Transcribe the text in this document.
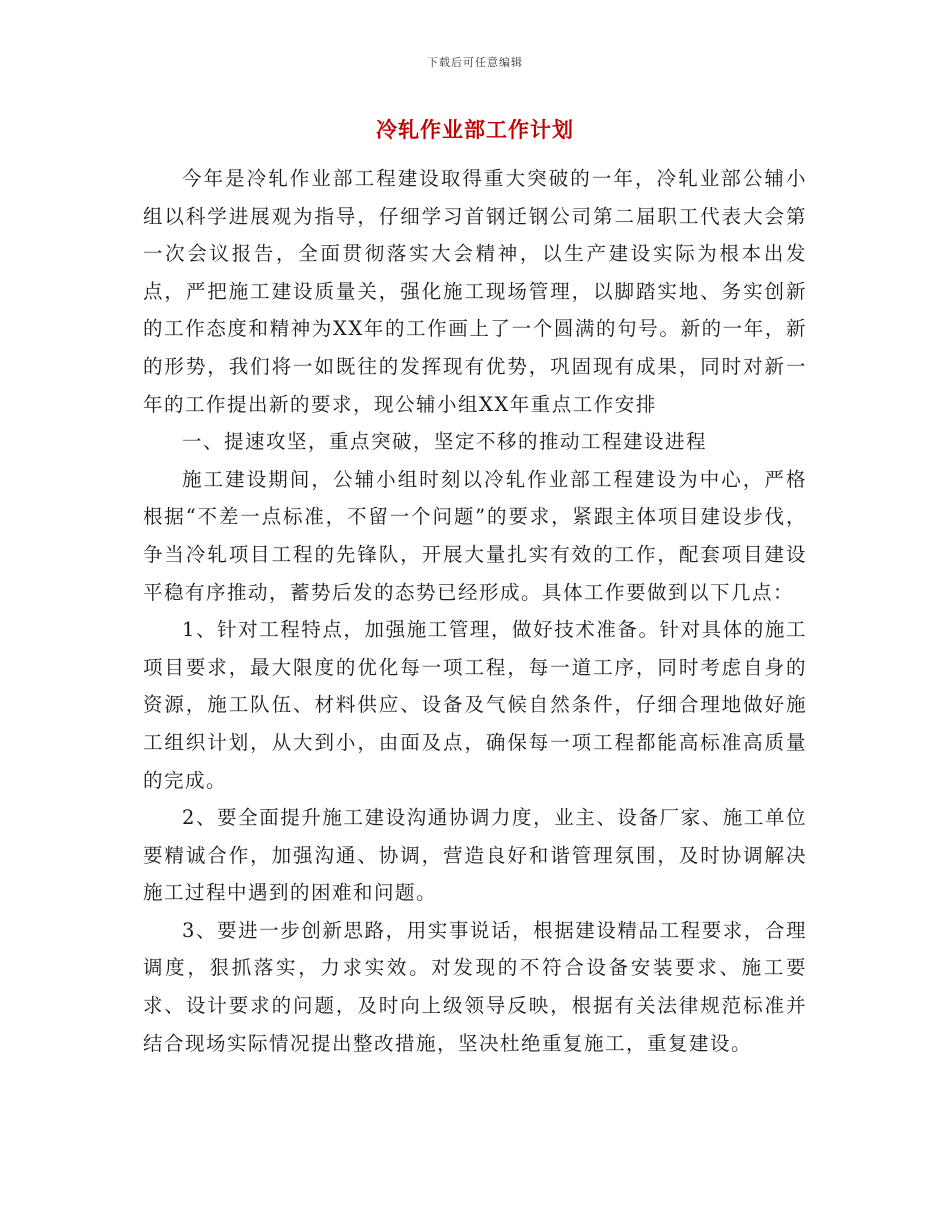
下载后可任意编辑
冷轧作业部工作计划

今年是冷轧作业部工程建设取得重大突破的一年，冷轧业部公辅小组以科学进展观为指导，仔细学习首钢迁钢公司第二届职工代表大会第一次会议报告，全面贯彻落实大会精神，以生产建设实际为根本出发点，严把施工建设质量关，强化施工现场管理，以脚踏实地、务实创新的工作态度和精神为XX年的工作画上了一个圆满的句号。新的一年，新的形势，我们将一如既往的发挥现有优势，巩固现有成果，同时对新一年的工作提出新的要求，现公辅小组XX年重点工作安排

一、提速攻坚，重点突破，坚定不移的推动工程建设进程

施工建设期间，公辅小组时刻以冷轧作业部工程建设为中心，严格根据“不差一点标准，不留一个问题”的要求，紧跟主体项目建设步伐，争当冷轧项目工程的先锋队，开展大量扎实有效的工作，配套项目建设平稳有序推动，蓄势后发的态势已经形成。具体工作要做到以下几点：

1、针对工程特点，加强施工管理，做好技术准备。针对具体的施工项目要求，最大限度的优化每一项工程，每一道工序，同时考虑自身的资源，施工队伍、材料供应、设备及气候自然条件，仔细合理地做好施工组织计划，从大到小，由面及点，确保每一项工程都能高标准高质量的完成。

2、要全面提升施工建设沟通协调力度，业主、设备厂家、施工单位要精诚合作，加强沟通、协调，营造良好和谐管理氛围，及时协调解决施工过程中遇到的困难和问题。

3、要进一步创新思路，用实事说话，根据建设精品工程要求，合理调度，狠抓落实，力求实效。对发现的不符合设备安装要求、施工要求、设计要求的问题，及时向上级领导反映，根据有关法律规范标准并结合现场实际情况提出整改措施，坚决杜绝重复施工，重复建设。
